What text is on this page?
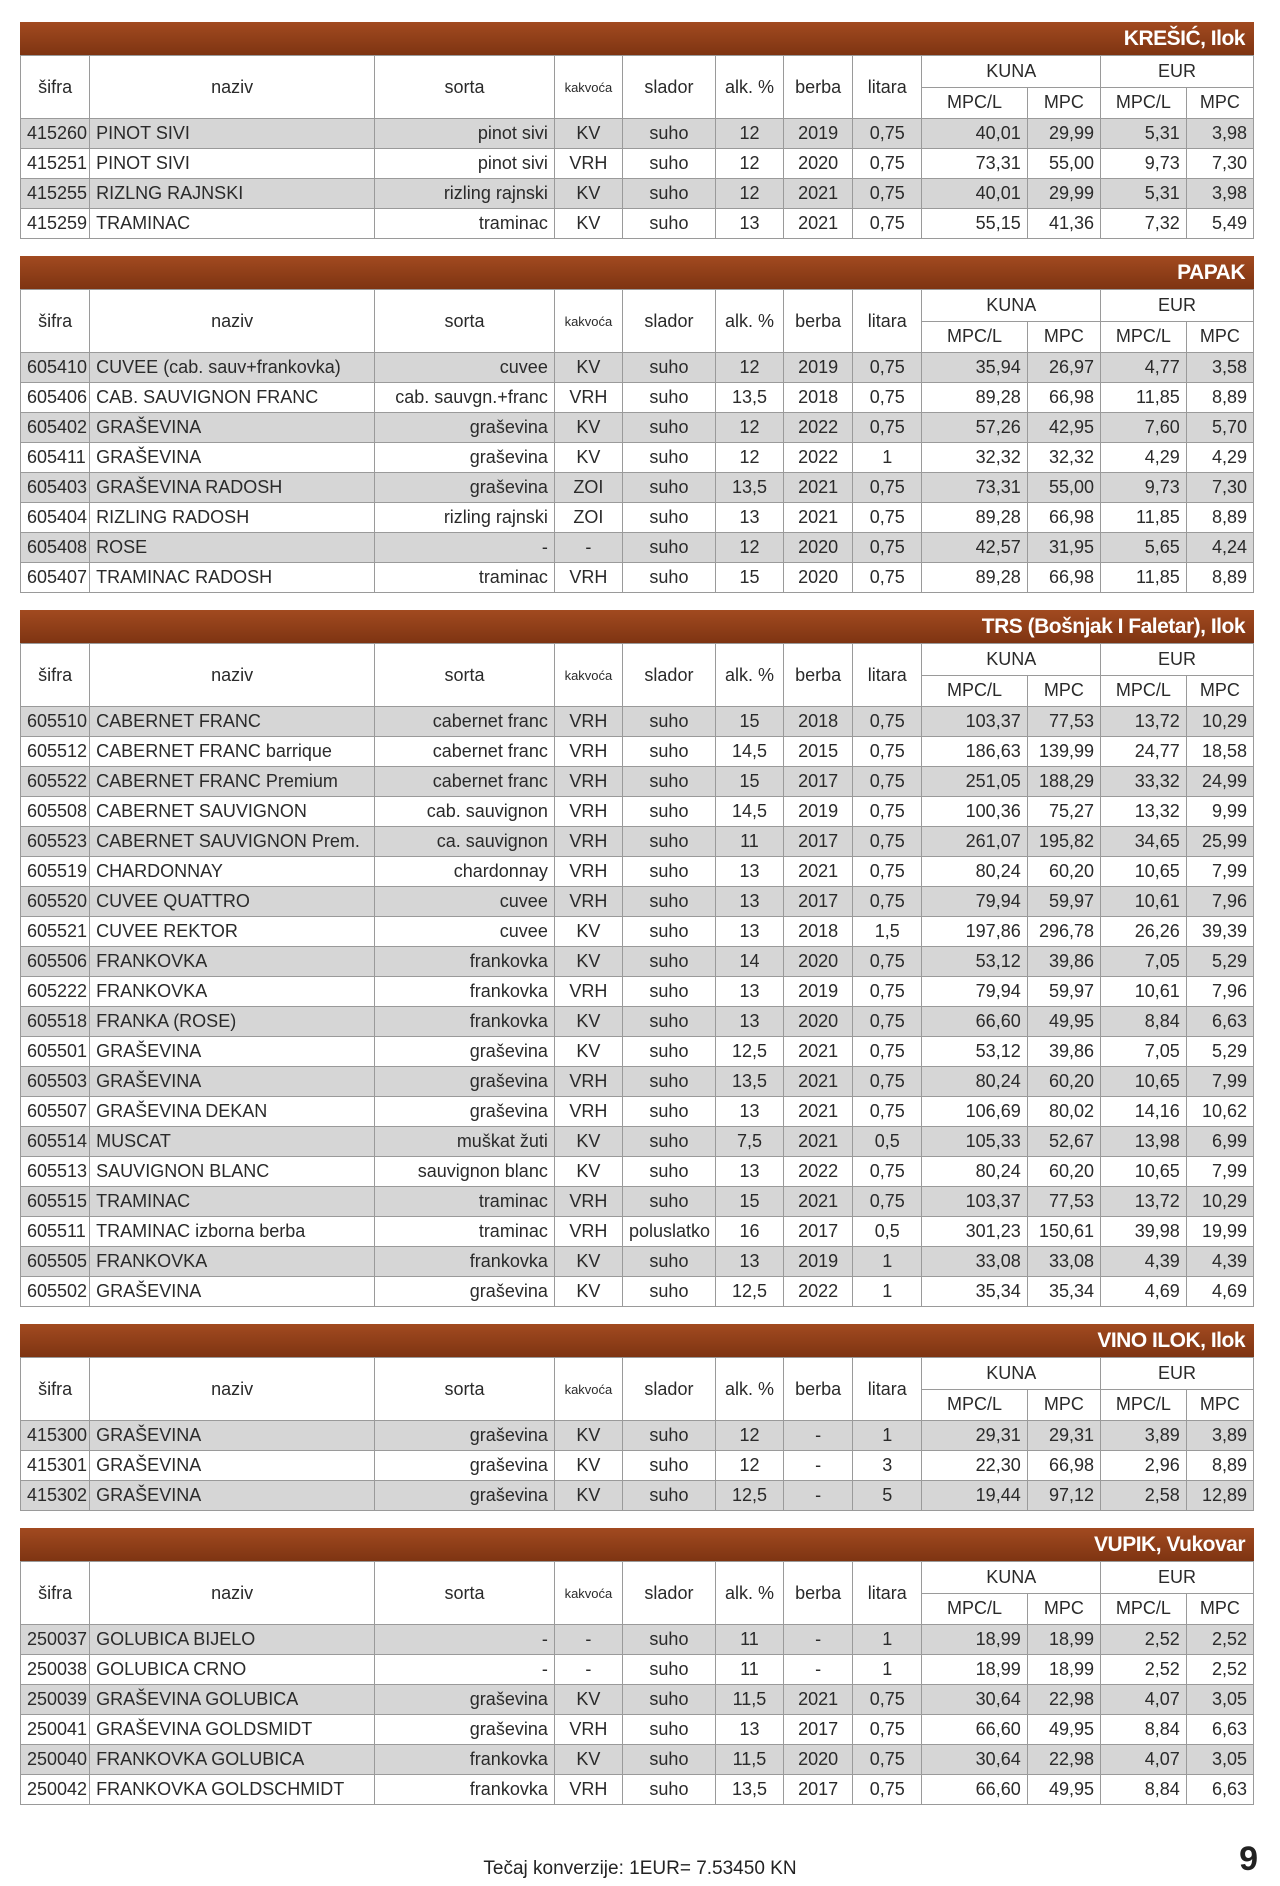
KREŠIĆ, Ilok
šifra	naziv	sorta	kakvoća	slador	alk. %	berba	litara	KUNA		EUR	
								MPC/L	MPC	MPC/L	MPC
415260	PINOT SIVI	pinot sivi	KV	suho	12	2019	0,75	40,01	29,99	5,31	3,98
415251	PINOT SIVI	pinot sivi	VRH	suho	12	2020	0,75	73,31	55,00	9,73	7,30
415255	RIZLNG RAJNSKI	rizling rajnski	KV	suho	12	2021	0,75	40,01	29,99	5,31	3,98
415259	TRAMINAC	traminac	KV	suho	13	2021	0,75	55,15	41,36	7,32	5,49
PAPAK
šifra	naziv	sorta	kakvoća	slador	alk. %	berba	litara	KUNA		EUR	
								MPC/L	MPC	MPC/L	MPC
605410	CUVEE (cab. sauv+frankovka)	cuvee	KV	suho	12	2019	0,75	35,94	26,97	4,77	3,58
605406	CAB. SAUVIGNON FRANC	cab. sauvgn.+franc	VRH	suho	13,5	2018	0,75	89,28	66,98	11,85	8,89
605402	GRAŠEVINA	graševina	KV	suho	12	2022	0,75	57,26	42,95	7,60	5,70
605411	GRAŠEVINA	graševina	KV	suho	12	2022	1	32,32	32,32	4,29	4,29
605403	GRAŠEVINA RADOSH	graševina	ZOI	suho	13,5	2021	0,75	73,31	55,00	9,73	7,30
605404	RIZLING RADOSH	rizling rajnski	ZOI	suho	13	2021	0,75	89,28	66,98	11,85	8,89
605408	ROSE	-	-	suho	12	2020	0,75	42,57	31,95	5,65	4,24
605407	TRAMINAC RADOSH	traminac	VRH	suho	15	2020	0,75	89,28	66,98	11,85	8,89
TRS (Bošnjak I Faletar), Ilok
šifra	naziv	sorta	kakvoća	slador	alk. %	berba	litara	KUNA		EUR	
								MPC/L	MPC	MPC/L	MPC
605510	CABERNET FRANC	cabernet franc	VRH	suho	15	2018	0,75	103,37	77,53	13,72	10,29
605512	CABERNET FRANC barrique	cabernet franc	VRH	suho	14,5	2015	0,75	186,63	139,99	24,77	18,58
605522	CABERNET FRANC Premium	cabernet franc	VRH	suho	15	2017	0,75	251,05	188,29	33,32	24,99
605508	CABERNET SAUVIGNON	cab. sauvignon	VRH	suho	14,5	2019	0,75	100,36	75,27	13,32	9,99
605523	CABERNET SAUVIGNON Prem.	ca. sauvignon	VRH	suho	11	2017	0,75	261,07	195,82	34,65	25,99
605519	CHARDONNAY	chardonnay	VRH	suho	13	2021	0,75	80,24	60,20	10,65	7,99
605520	CUVEE QUATTRO	cuvee	VRH	suho	13	2017	0,75	79,94	59,97	10,61	7,96
605521	CUVEE REKTOR	cuvee	KV	suho	13	2018	1,5	197,86	296,78	26,26	39,39
605506	FRANKOVKA	frankovka	KV	suho	14	2020	0,75	53,12	39,86	7,05	5,29
605222	FRANKOVKA	frankovka	VRH	suho	13	2019	0,75	79,94	59,97	10,61	7,96
605518	FRANKA (ROSE)	frankovka	KV	suho	13	2020	0,75	66,60	49,95	8,84	6,63
605501	GRAŠEVINA	graševina	KV	suho	12,5	2021	0,75	53,12	39,86	7,05	5,29
605503	GRAŠEVINA	graševina	VRH	suho	13,5	2021	0,75	80,24	60,20	10,65	7,99
605507	GRAŠEVINA DEKAN	graševina	VRH	suho	13	2021	0,75	106,69	80,02	14,16	10,62
605514	MUSCAT	muškat žuti	KV	suho	7,5	2021	0,5	105,33	52,67	13,98	6,99
605513	SAUVIGNON BLANC	sauvignon blanc	KV	suho	13	2022	0,75	80,24	60,20	10,65	7,99
605515	TRAMINAC	traminac	VRH	suho	15	2021	0,75	103,37	77,53	13,72	10,29
605511	TRAMINAC izborna berba	traminac	VRH	poluslatko	16	2017	0,5	301,23	150,61	39,98	19,99
605505	FRANKOVKA	frankovka	KV	suho	13	2019	1	33,08	33,08	4,39	4,39
605502	GRAŠEVINA	graševina	KV	suho	12,5	2022	1	35,34	35,34	4,69	4,69
VINO ILOK, Ilok
šifra	naziv	sorta	kakvoća	slador	alk. %	berba	litara	KUNA		EUR	
								MPC/L	MPC	MPC/L	MPC
415300	GRAŠEVINA	graševina	KV	suho	12	-	1	29,31	29,31	3,89	3,89
415301	GRAŠEVINA	graševina	KV	suho	12	-	3	22,30	66,98	2,96	8,89
415302	GRAŠEVINA	graševina	KV	suho	12,5	-	5	19,44	97,12	2,58	12,89
VUPIK, Vukovar
šifra	naziv	sorta	kakvoća	slador	alk. %	berba	litara	KUNA		EUR	
								MPC/L	MPC	MPC/L	MPC
250037	GOLUBICA BIJELO	-	-	suho	11	-	1	18,99	18,99	2,52	2,52
250038	GOLUBICA CRNO	-	-	suho	11	-	1	18,99	18,99	2,52	2,52
250039	GRAŠEVINA GOLUBICA	graševina	KV	suho	11,5	2021	0,75	30,64	22,98	4,07	3,05
250041	GRAŠEVINA GOLDSMIDT	graševina	VRH	suho	13	2017	0,75	66,60	49,95	8,84	6,63
250040	FRANKOVKA GOLUBICA	frankovka	KV	suho	11,5	2020	0,75	30,64	22,98	4,07	3,05
250042	FRANKOVKA GOLDSCHMIDT	frankovka	VRH	suho	13,5	2017	0,75	66,60	49,95	8,84	6,63
Tečaj konverzije: 1EUR= 7.53450 KN	9
